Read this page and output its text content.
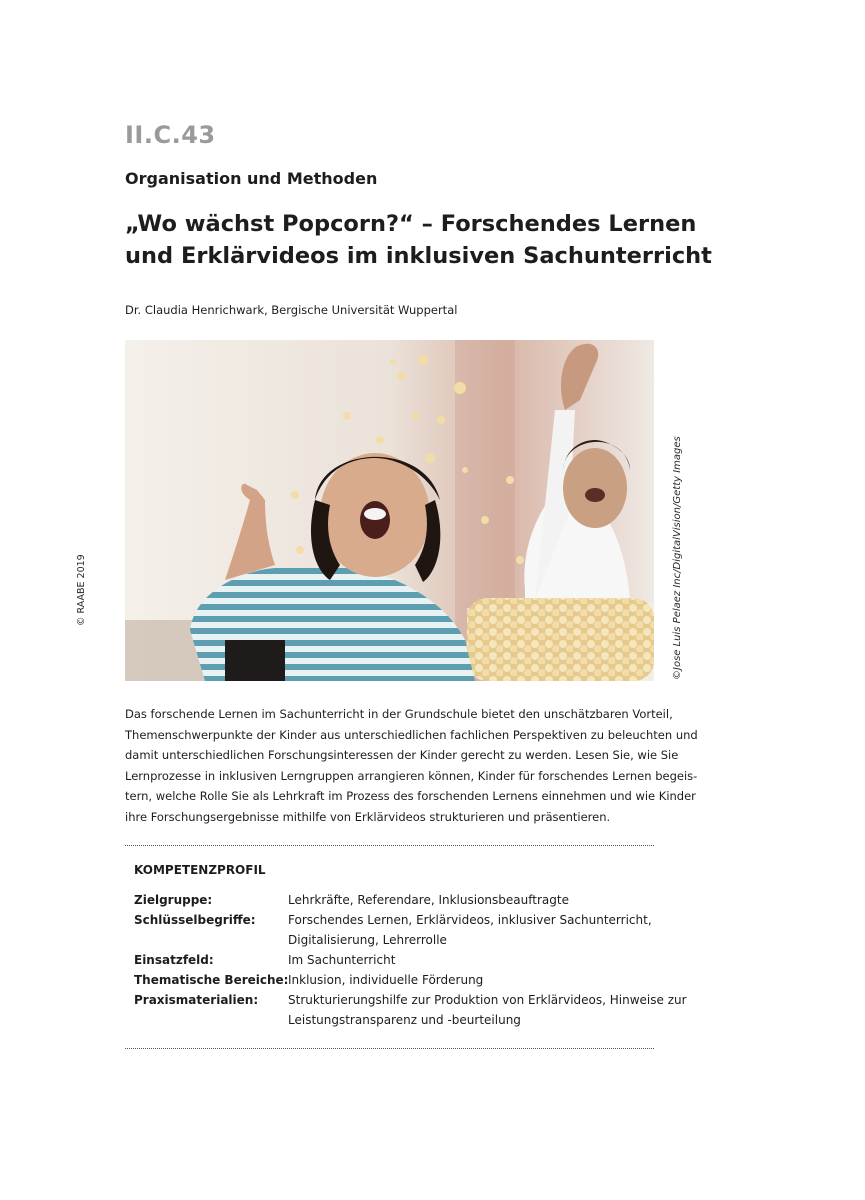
II.C.43
Organisation und Methoden
„Wo wächst Popcorn?“ – Forschendes Lernen
und Erklärvideos im inklusiven Sachunterricht
Dr. Claudia Henrichwark, Bergische Universität Wuppertal
©Jose Luis Pelaez Inc/DigitalVision/Getty Images
© RAABE 2019
Das forschende Lernen im Sachunterricht in der Grundschule bietet den unschätzbaren Vorteil,
Themenschwerpunkte der Kinder aus unterschiedlichen fachlichen Perspektiven zu beleuchten und
damit unterschiedlichen Forschungsinteressen der Kinder gerecht zu werden. Lesen Sie, wie Sie
Lernprozesse in inklusiven Lerngruppen arrangieren können, Kinder für forschendes Lernen begeis-
tern, welche Rolle Sie als Lehrkraft im Prozess des forschenden Lernens einnehmen und wie Kinder
ihre Forschungsergebnisse mithilfe von Erklärvideos strukturieren und präsentieren.
KOMPETENZPROFIL
Zielgruppe:	Lehrkräfte, Referendare, Inklusionsbeauftragte
Schlüsselbegriffe:	Forschendes Lernen, Erklärvideos, inklusiver Sachunterricht,
Digitalisierung, Lehrerrolle
Einsatzfeld:	Im Sachunterricht
Thematische Bereiche: Inklusion, individuelle Förderung
Praxismaterialien: Strukturierungshilfe zur Produktion von Erklärvideos, Hinweise zur
Leistungstransparenz und -beurteilung
